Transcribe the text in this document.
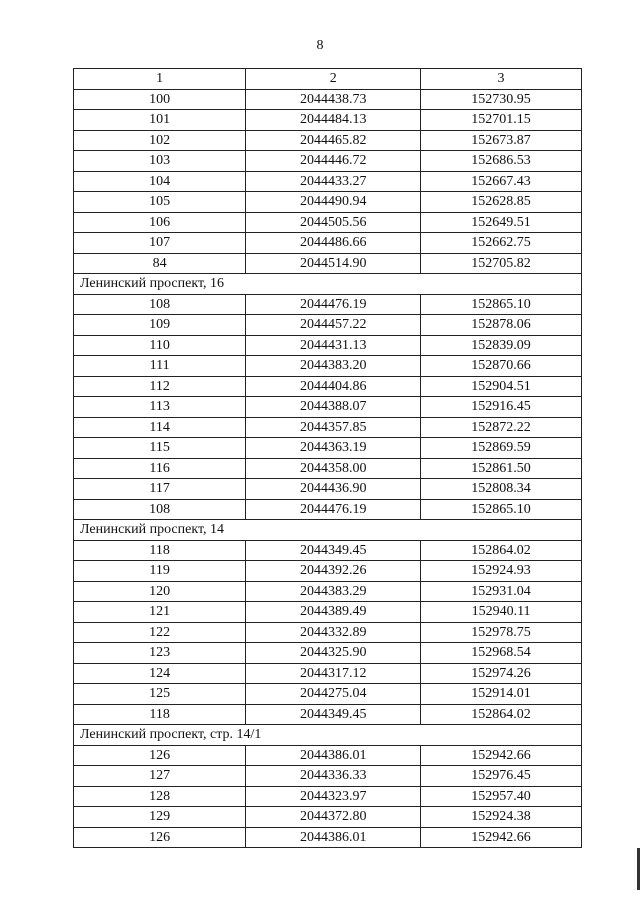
8
1	2	3
100	2044438.73	152730.95
101	2044484.13	152701.15
102	2044465.82	152673.87
103	2044446.72	152686.53
104	2044433.27	152667.43
105	2044490.94	152628.85
106	2044505.56	152649.51
107	2044486.66	152662.75
84	2044514.90	152705.82
Ленинский проспект, 16		
108	2044476.19	152865.10
109	2044457.22	152878.06
110	2044431.13	152839.09
111	2044383.20	152870.66
112	2044404.86	152904.51
113	2044388.07	152916.45
114	2044357.85	152872.22
115	2044363.19	152869.59
116	2044358.00	152861.50
117	2044436.90	152808.34
108	2044476.19	152865.10
Ленинский проспект, 14		
118	2044349.45	152864.02
119	2044392.26	152924.93
120	2044383.29	152931.04
121	2044389.49	152940.11
122	2044332.89	152978.75
123	2044325.90	152968.54
124	2044317.12	152974.26
125	2044275.04	152914.01
118	2044349.45	152864.02
Ленинский проспект, стр. 14/1		
126	2044386.01	152942.66
127	2044336.33	152976.45
128	2044323.97	152957.40
129	2044372.80	152924.38
126	2044386.01	152942.66
